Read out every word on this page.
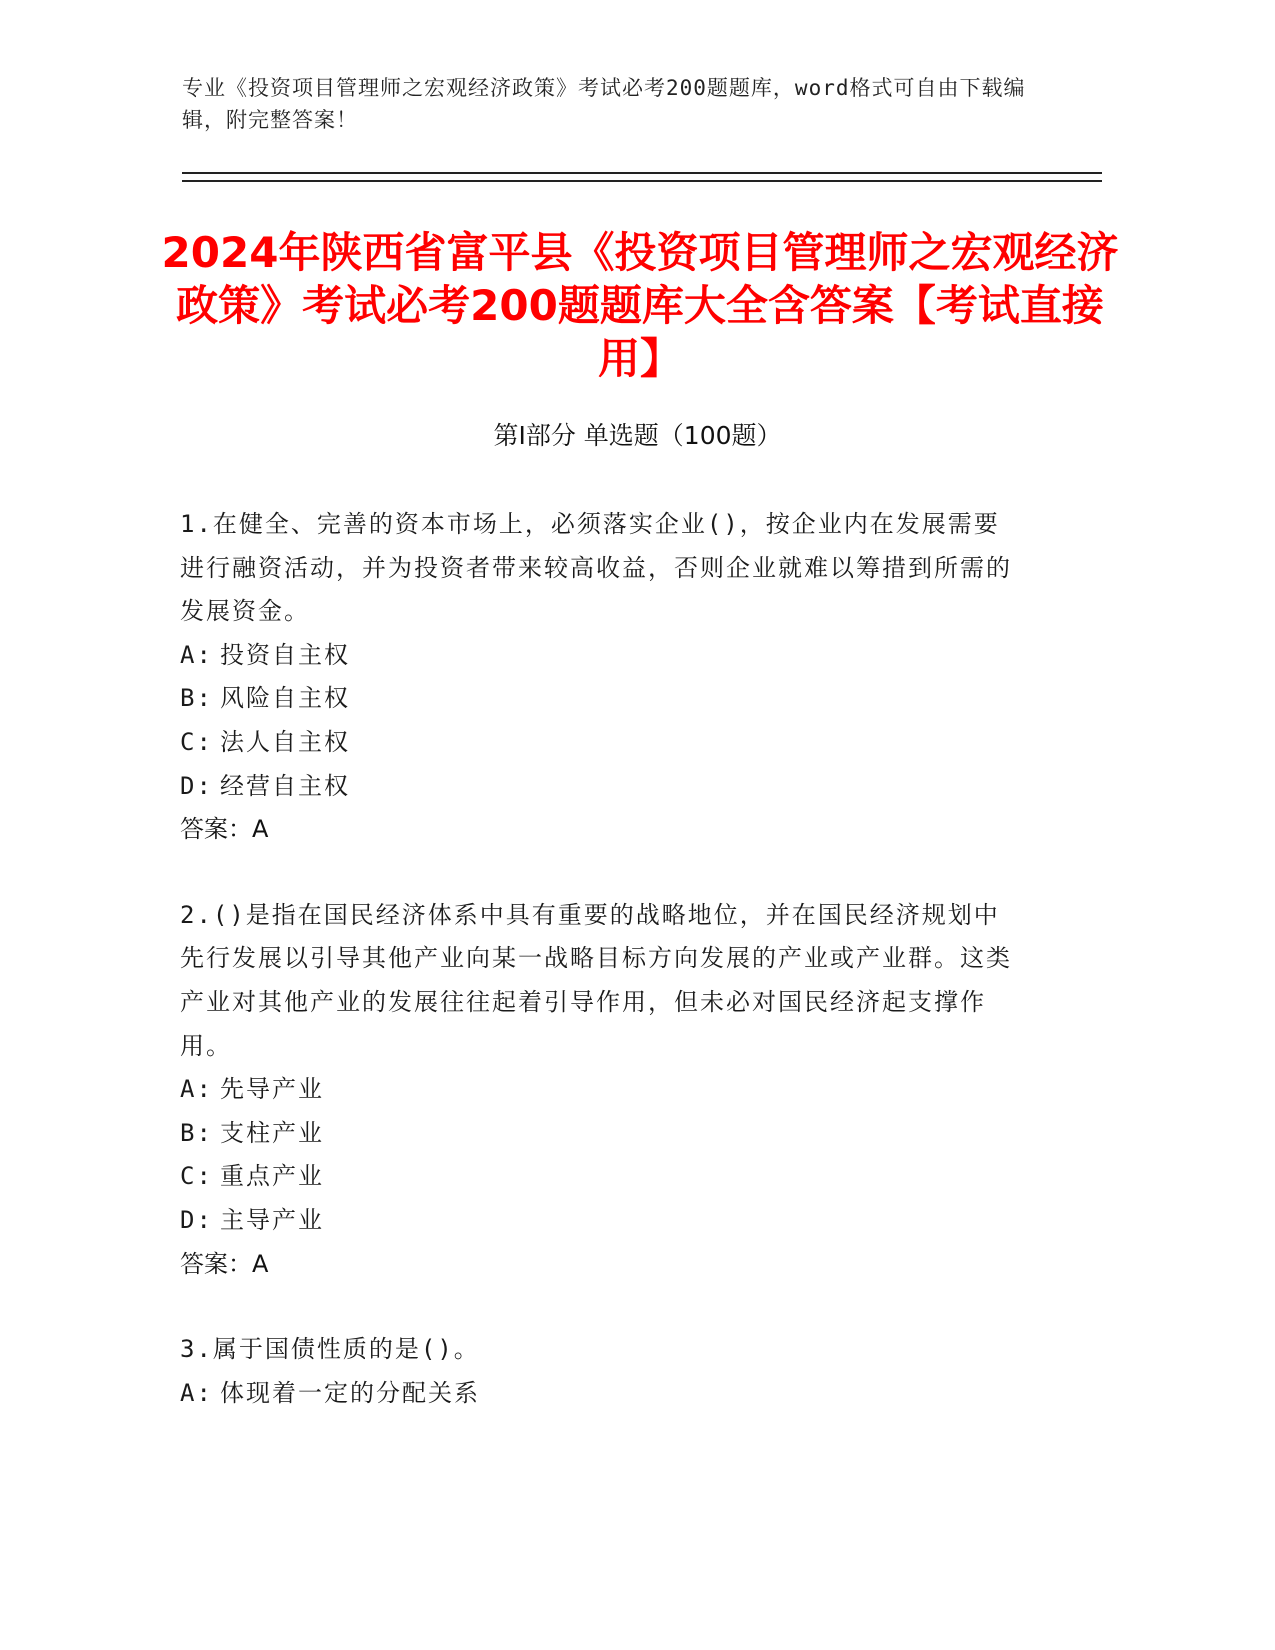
专业《投资项目管理师之宏观经济政策》考试必考200题题库，word格式可自由下载编辑，附完整答案！
2024年陕西省富平县《投资项目管理师之宏观经济政策》考试必考200题题库大全含答案【考试直接用】
第I部分 单选题（100题）

1.在健全、完善的资本市场上，必须落实企业()，按企业内在发展需要进行融资活动，并为投资者带来较高收益，否则企业就难以筹措到所需的发展资金。

A: 投资自主权

B: 风险自主权

C: 法人自主权

D: 经营自主权

答案：A

2.()是指在国民经济体系中具有重要的战略地位，并在国民经济规划中先行发展以引导其他产业向某一战略目标方向发展的产业或产业群。这类产业对其他产业的发展往往起着引导作用，但未必对国民经济起支撑作用。

A: 先导产业

B: 支柱产业

C: 重点产业

D: 主导产业

答案：A

3.属于国债性质的是()。

A: 体现着一定的分配关系
